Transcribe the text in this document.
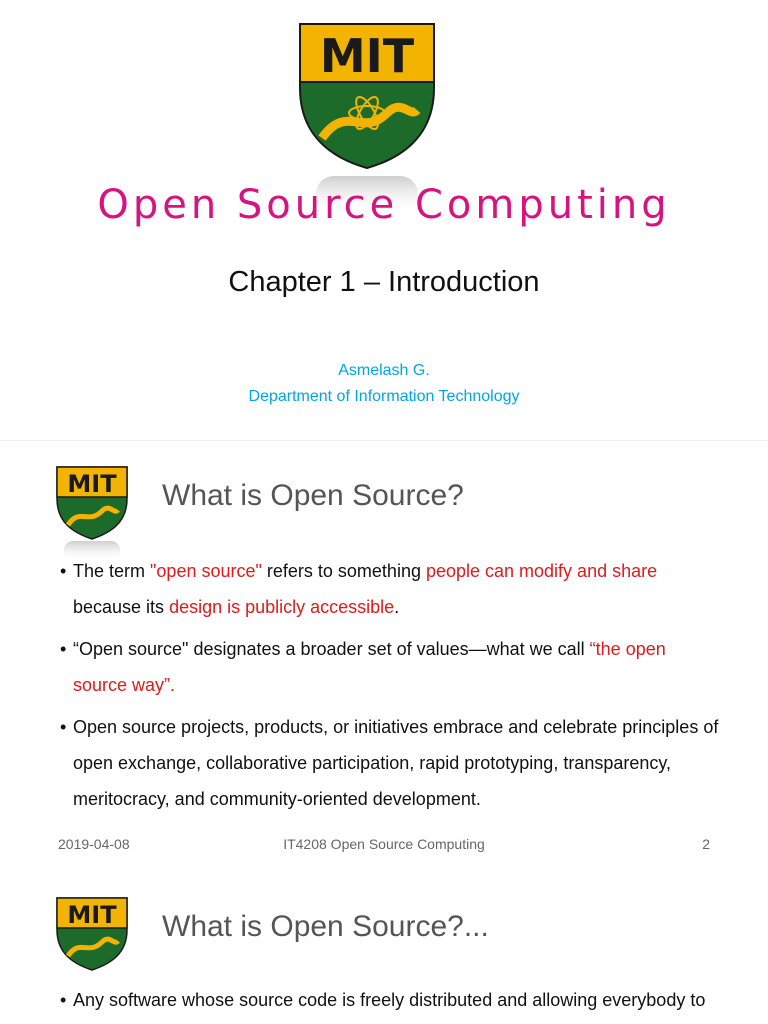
MIT
Open Source Computing
Chapter 1 – Introduction
Asmelash G.
Department of Information Technology
MIT What is Open Source?
• The term "open source" refers to something people can modify and share because its design is publicly accessible.
• “Open source" designates a broader set of values—what we call “the open source way”.
• Open source projects, products, or initiatives embrace and celebrate principles of open exchange, collaborative participation, rapid prototyping, transparency, meritocracy, and community-oriented development.
2019-04-08	IT4208 Open Source Computing	2
MIT What is Open Source?...
• Any software whose source code is freely distributed and allowing everybody to
